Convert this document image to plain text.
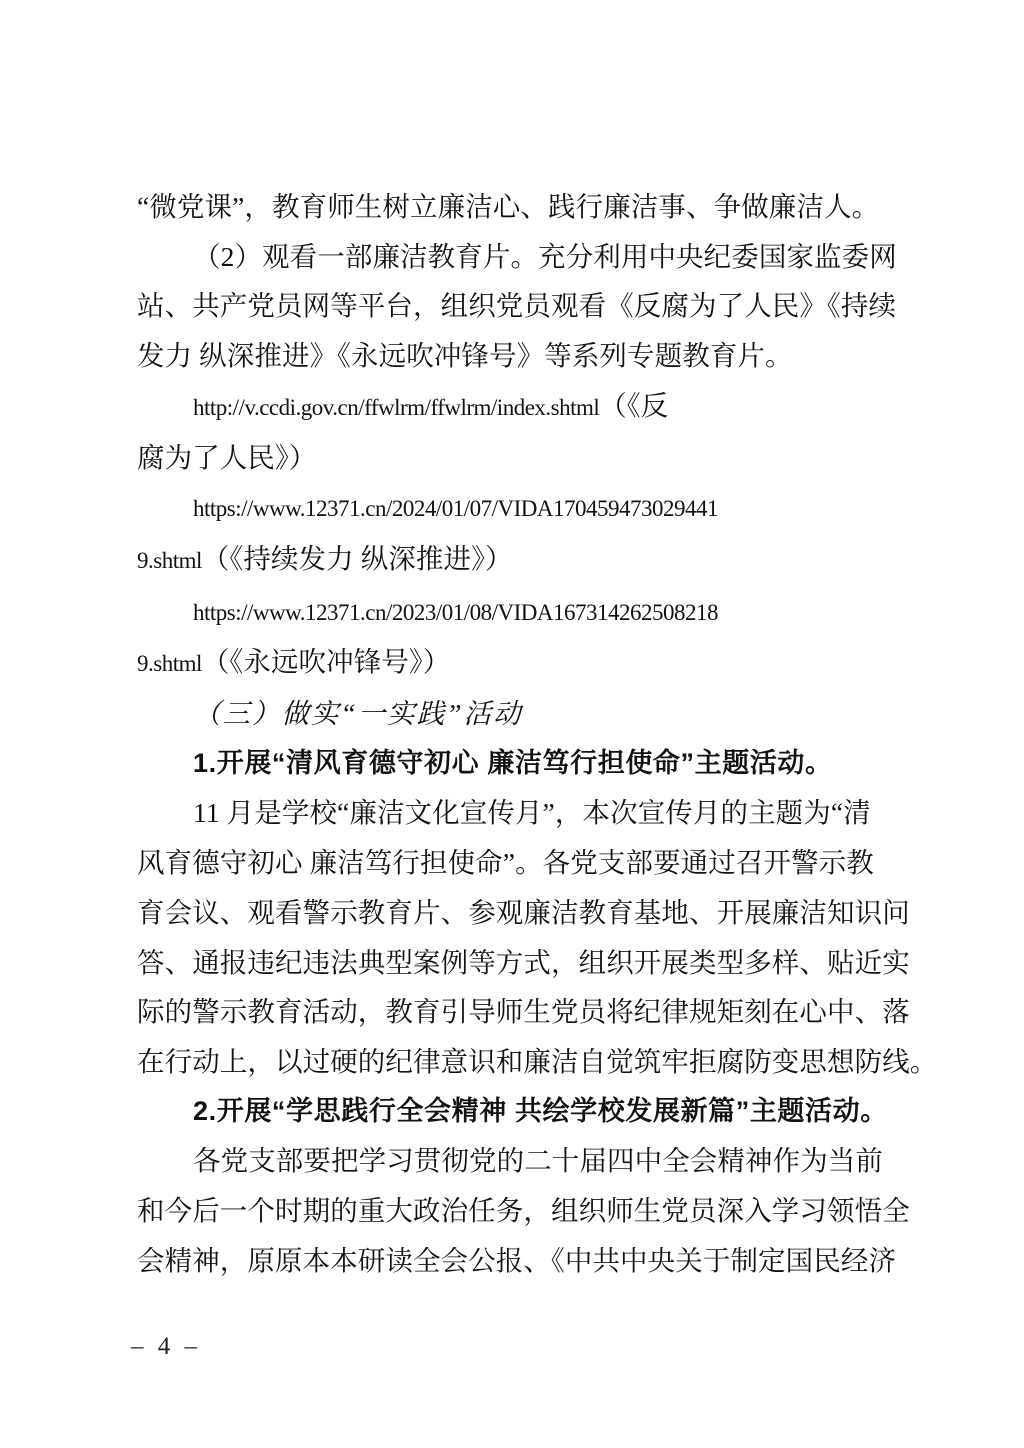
“微党课”，教育师生树立廉洁心、践行廉洁事、争做廉洁人。

（2）观看一部廉洁教育片。充分利用中央纪委国家监委网

站、共产党员网等平台，组织党员观看《反腐为了人民》《持续

发力 纵深推进》《永远吹冲锋号》等系列专题教育片。

http://v.ccdi.gov.cn/ffwlrm/ffwlrm/index.shtml（《反

腐为了人民》）

https://www.12371.cn/2024/01/07/VIDA170459473029441

9.shtml（《持续发力 纵深推进》）

https://www.12371.cn/2023/01/08/VIDA167314262508218

9.shtml（《永远吹冲锋号》）

（三）做实“一实践”活动

1.开展“清风育德守初心 廉洁笃行担使命”主题活动。

11 月是学校“廉洁文化宣传月”，本次宣传月的主题为“清

风育德守初心 廉洁笃行担使命”。各党支部要通过召开警示教

育会议、观看警示教育片、参观廉洁教育基地、开展廉洁知识问

答、通报违纪违法典型案例等方式，组织开展类型多样、贴近实

际的警示教育活动，教育引导师生党员将纪律规矩刻在心中、落

在行动上，以过硬的纪律意识和廉洁自觉筑牢拒腐防变思想防线。

2.开展“学思践行全会精神 共绘学校发展新篇”主题活动。

各党支部要把学习贯彻党的二十届四中全会精神作为当前

和今后一个时期的重大政治任务，组织师生党员深入学习领悟全

会精神，原原本本研读全会公报、《中共中央关于制定国民经济

– 4 –
